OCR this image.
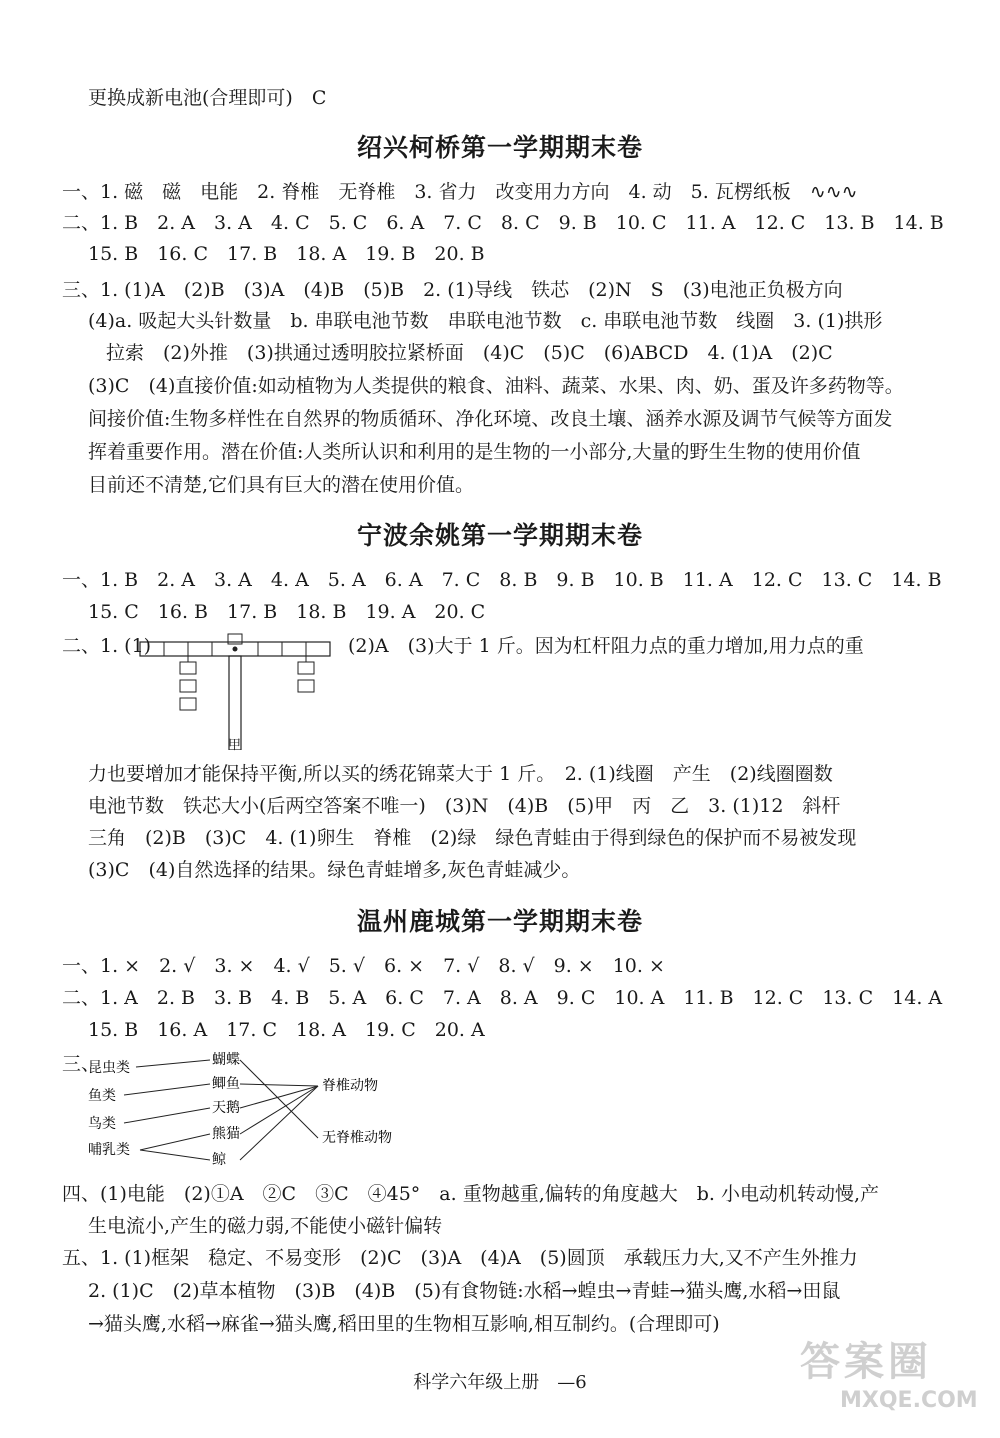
更换成新电池(合理即可)　C
绍兴柯桥第一学期期末卷
一、1. 磁　磁　电能　2. 脊椎　无脊椎　3. 省力　改变用力方向　4. 动　5. 瓦楞纸板　∿∿∿
二、1. B　2. A　3. A　4. C　5. C　6. A　7. C　8. C　9. B　10. C　11. A　12. C　13. B　14. B
15. B　16. C　17. B　18. A　19. B　20. B
三、1. (1)A　(2)B　(3)A　(4)B　(5)B　2. (1)导线　铁芯　(2)N　S　(3)电池正负极方向
(4)a. 吸起大头针数量　b. 串联电池节数　串联电池节数　c. 串联电池节数　线圈　3. (1)拱形
拉索　(2)外推　(3)拱通过透明胶拉紧桥面　(4)C　(5)C　(6)ABCD　4. (1)A　(2)C
(3)C　(4)直接价值:如动植物为人类提供的粮食、油料、蔬菜、水果、肉、奶、蛋及许多药物等。
间接价值:生物多样性在自然界的物质循环、净化环境、改良土壤、涵养水源及调节气候等方面发
挥着重要作用。潜在价值:人类所认识和利用的是生物的一小部分,大量的野生生物的使用价值
目前还不清楚,它们具有巨大的潜在使用价值。
宁波余姚第一学期期末卷
一、1. B　2. A　3. A　4. A　5. A　6. A　7. C　8. B　9. B　10. B　11. A　12. C　13. C　14. B
15. C　16. B　17. B　18. B　19. A　20. C
二、1. (1)	(2)A　(3)大于 1 斤。因为杠杆阻力点的重力增加,用力点的重
甲
力也要增加才能保持平衡,所以买的绣花锦菜大于 1 斤。　2. (1)线圈　产生　(2)线圈圈数
电池节数　铁芯大小(后两空答案不唯一)　(3)N　(4)B　(5)甲　丙　乙　3. (1)12　斜杆
三角　(2)B　(3)C　4. (1)卵生　脊椎　(2)绿　绿色青蛙由于得到绿色的保护而不易被发现
(3)C　(4)自然选择的结果。绿色青蛙增多,灰色青蛙减少。
温州鹿城第一学期期末卷
一、1. ×　2. √　3. ×　4. √　5. √　6. ×　7. √　8. √　9. ×　10. ×
二、1. A　2. B　3. B　4. B　5. A　6. C　7. A　8. A　9. C　10. A　11. B　12. C　13. C　14. A
15. B　16. A　17. C　18. A　19. C　20. A
三、
昆虫类
鱼类
鸟类
哺乳类
蝴蝶
鲫鱼
天鹅
熊猫
鲸
脊椎动物
无脊椎动物
四、(1)电能　(2)①A　②C　③C　④45°　a. 重物越重,偏转的角度越大　b. 小电动机转动慢,产
生电流小,产生的磁力弱,不能使小磁针偏转
五、1. (1)框架　稳定、不易变形　(2)C　(3)A　(4)A　(5)圆顶　承载压力大,又不产生外推力
2. (1)C　(2)草本植物　(3)B　(4)B　(5)有食物链:水稻→蝗虫→青蛙→猫头鹰,水稻→田鼠
→猫头鹰,水稻→麻雀→猫头鹰,稻田里的生物相互影响,相互制约。(合理即可)
科学六年级上册　—6	答案圈
MXQE.COM
